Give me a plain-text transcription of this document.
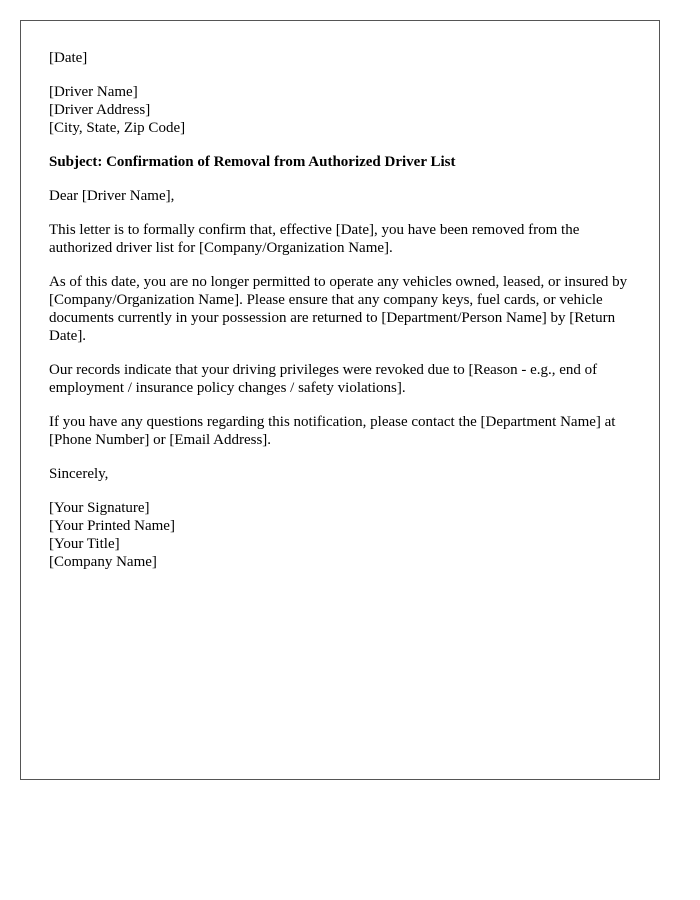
[Date]
[Driver Name]
[Driver Address]
[City, State, Zip Code]
Subject: Confirmation of Removal from Authorized Driver List

Dear [Driver Name],

This letter is to formally confirm that, effective [Date], you have been removed from the authorized driver list for [Company/Organization Name].

As of this date, you are no longer permitted to operate any vehicles owned, leased, or insured by [Company/Organization Name]. Please ensure that any company keys, fuel cards, or vehicle documents currently in your possession are returned to [Department/Person Name] by [Return Date].

Our records indicate that your driving privileges were revoked due to [Reason - e.g., end of employment / insurance policy changes / safety violations].

If you have any questions regarding this notification, please contact the [Department Name] at [Phone Number] or [Email Address].

Sincerely,

[Your Signature]
[Your Printed Name]
[Your Title]
[Company Name]
